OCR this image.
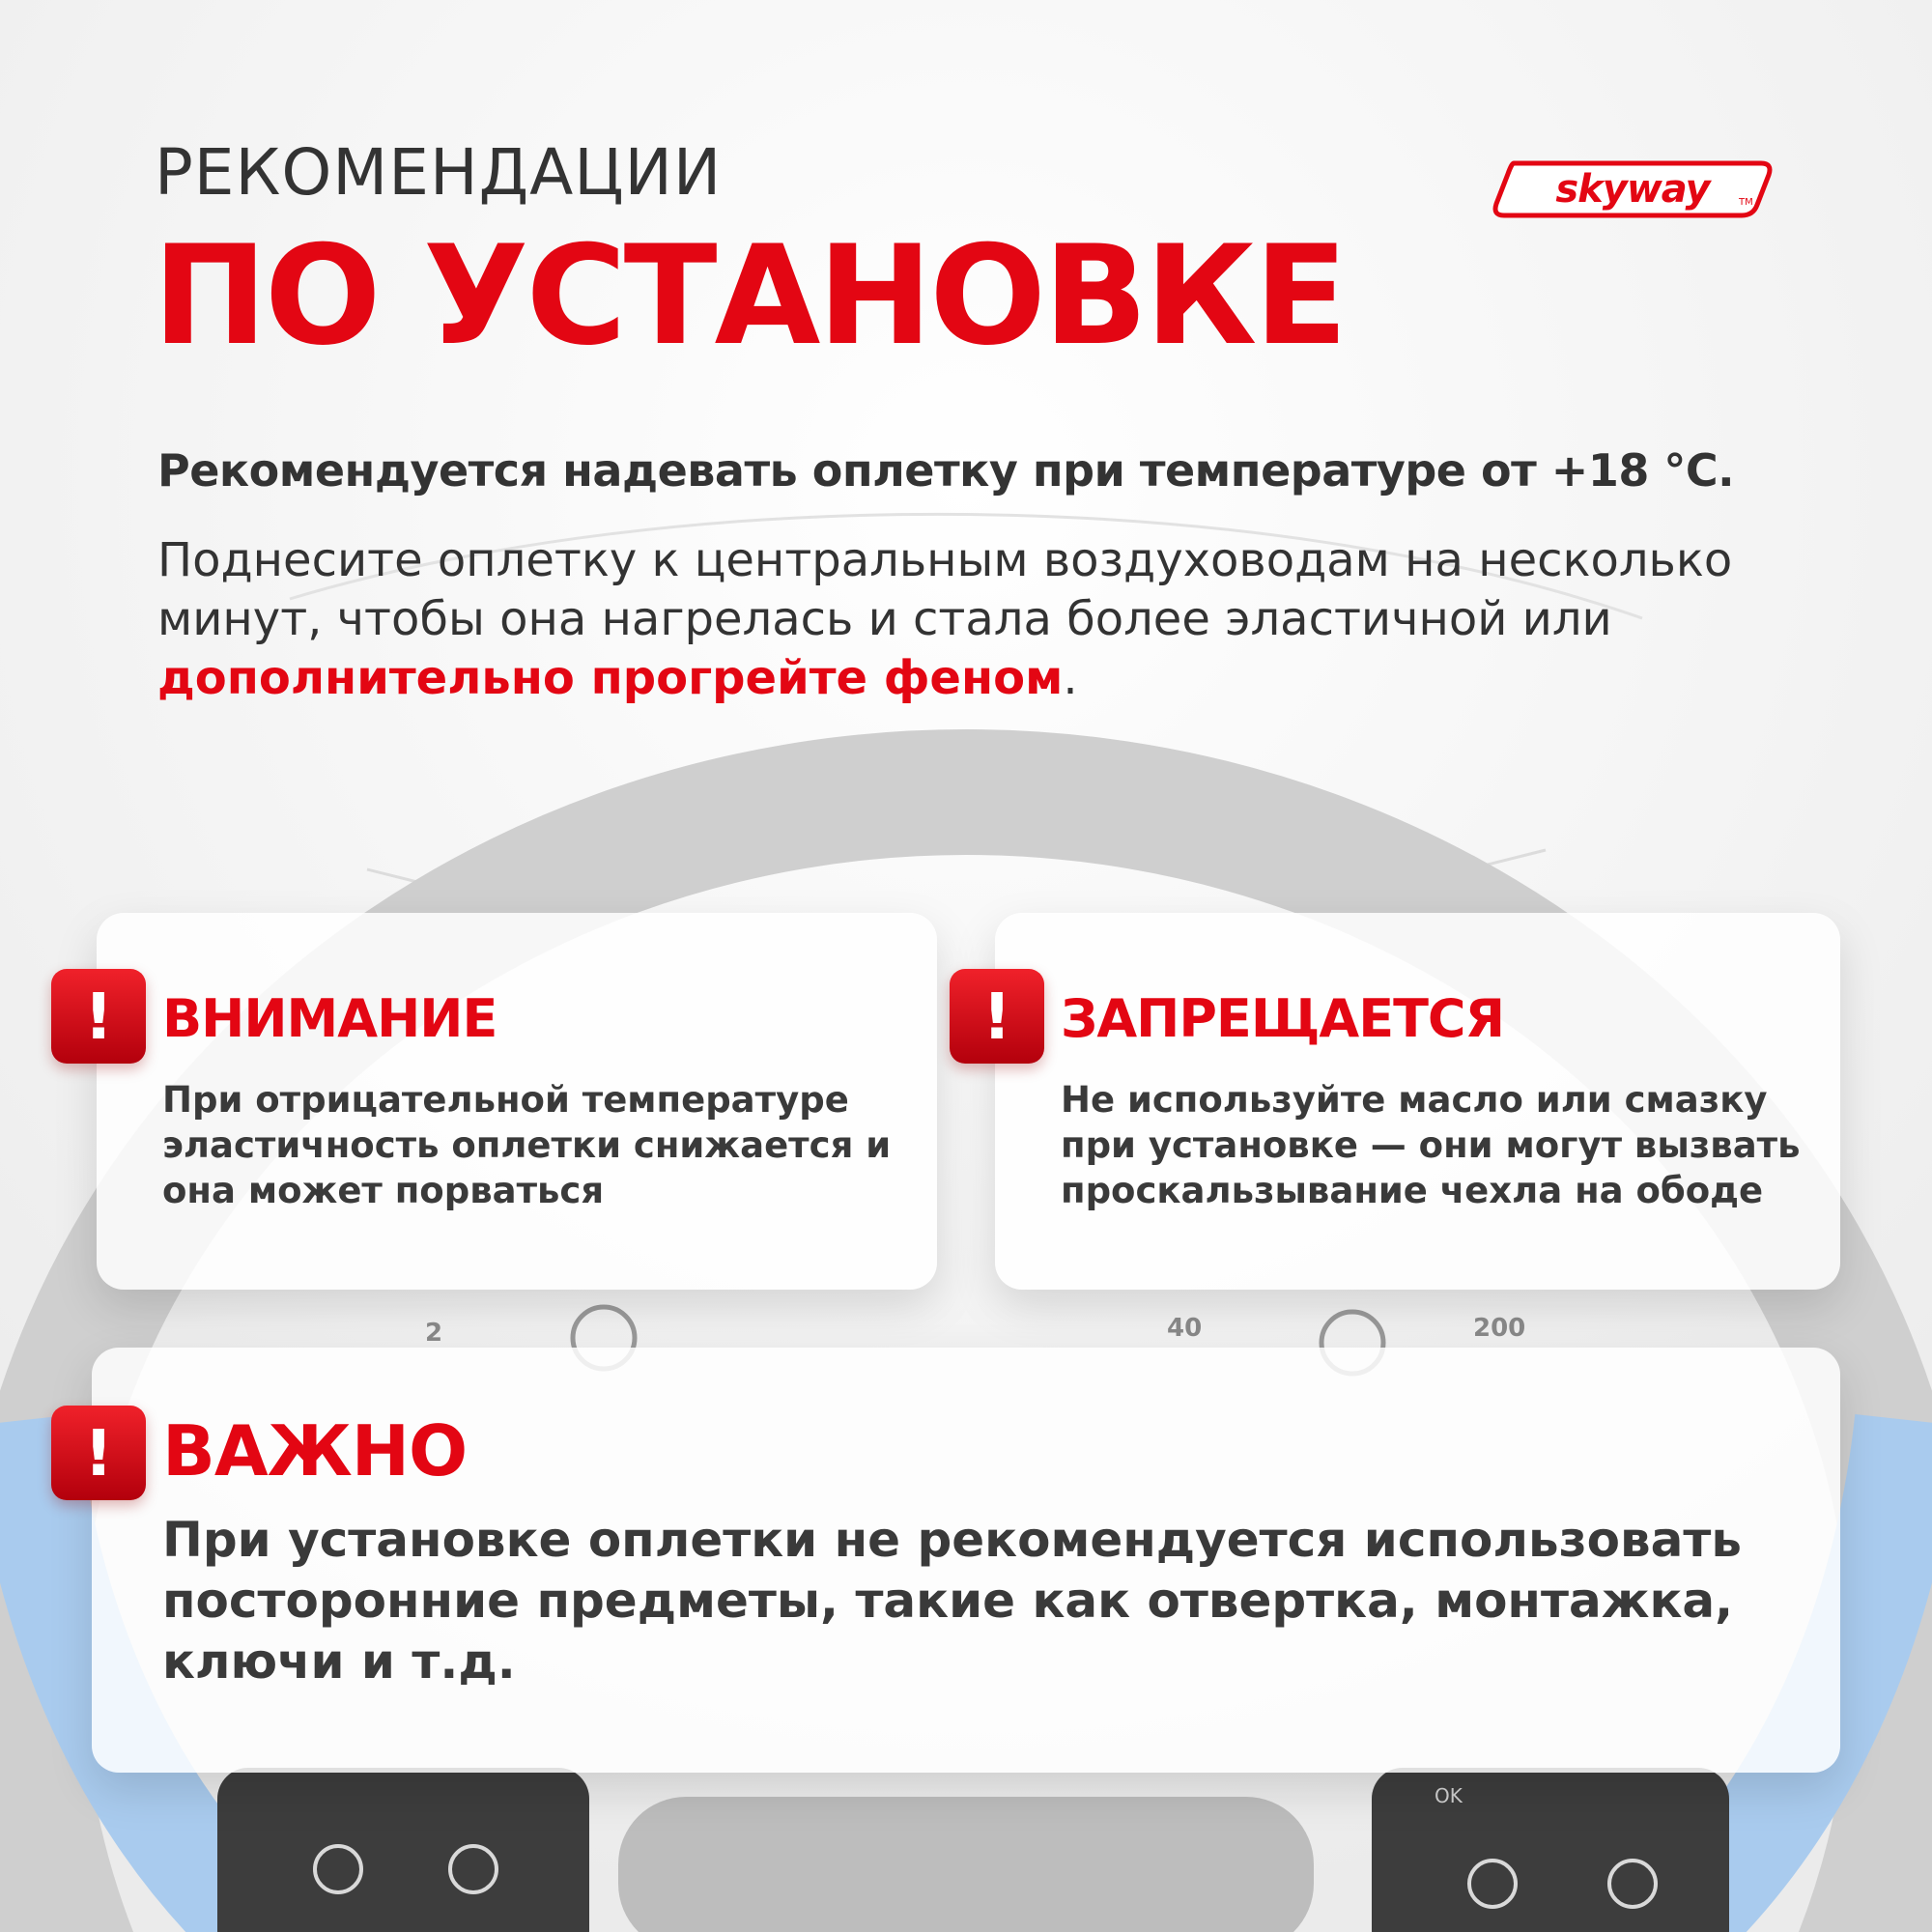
2	40	200
OK
РЕКОМЕНДАЦИИ
ПО УСТАНОВКЕ
skyway	TM

Рекомендуется надевать оплетку при температуре от +18 °C.

Поднесите оплетку к центральным воздуховодам на несколько минут, чтобы она нагрелась и стала более эластичной или дополнительно прогрейте феном.

! ВНИМАНИЕ

При отрицательной температуре эластичность оплетки снижается и она может порваться

! ЗАПРЕЩАЕТСЯ

Не используйте масло или смазку при установке — они могут вызвать проскальзывание чехла на ободе

! ВАЖНО

При установке оплетки не рекомендуется использовать посторонние предметы, такие как отвертка, монтажка, ключи и т.д.
